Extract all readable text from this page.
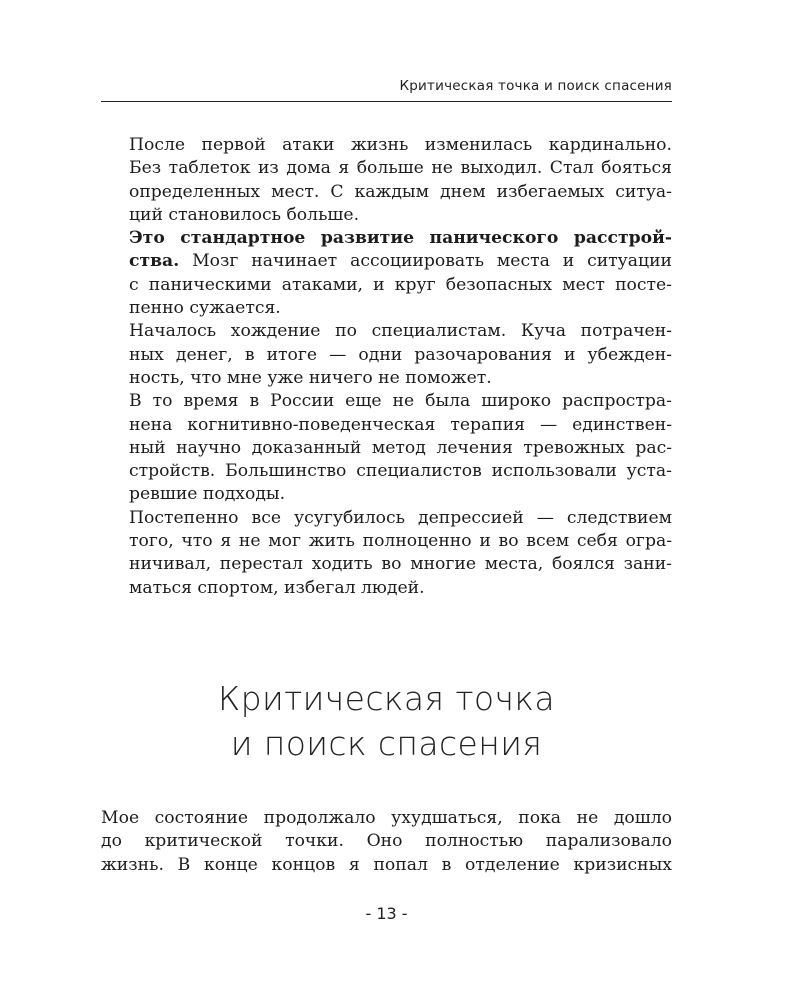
Критическая точка и поиск спасения

После первой атаки жизнь изменилась кардинально.
Без таблеток из дома я больше не выходил. Стал бояться
определенных мест. С каждым днем избегаемых ситуа-
ций становилось больше.

Это стандартное развитие панического расстрой-
ства. Мозг начинает ассоциировать места и ситуации
с паническими атаками, и круг безопасных мест посте-
пенно сужается.

Началось хождение по специалистам. Куча потрачен-
ных денег, в итоге — одни разочарования и убежден-
ность, что мне уже ничего не поможет.

В то время в России еще не была широко распростра-
нена когнитивно-поведенческая терапия — единствен-
ный научно доказанный метод лечения тревожных рас-
стройств. Большинство специалистов использовали уста-
ревшие подходы.

Постепенно все усугубилось депрессией — следствием
того, что я не мог жить полноценно и во всем себя огра-
ничивал, перестал ходить во многие места, боялся зани-
маться спортом, избегал людей.

Критическая точка
и поиск спасения

Мое состояние продолжало ухудшаться, пока не дошло
до критической точки. Оно полностью парализовало
жизнь. В конце концов я попал в отделение кризисных

- 13 -
